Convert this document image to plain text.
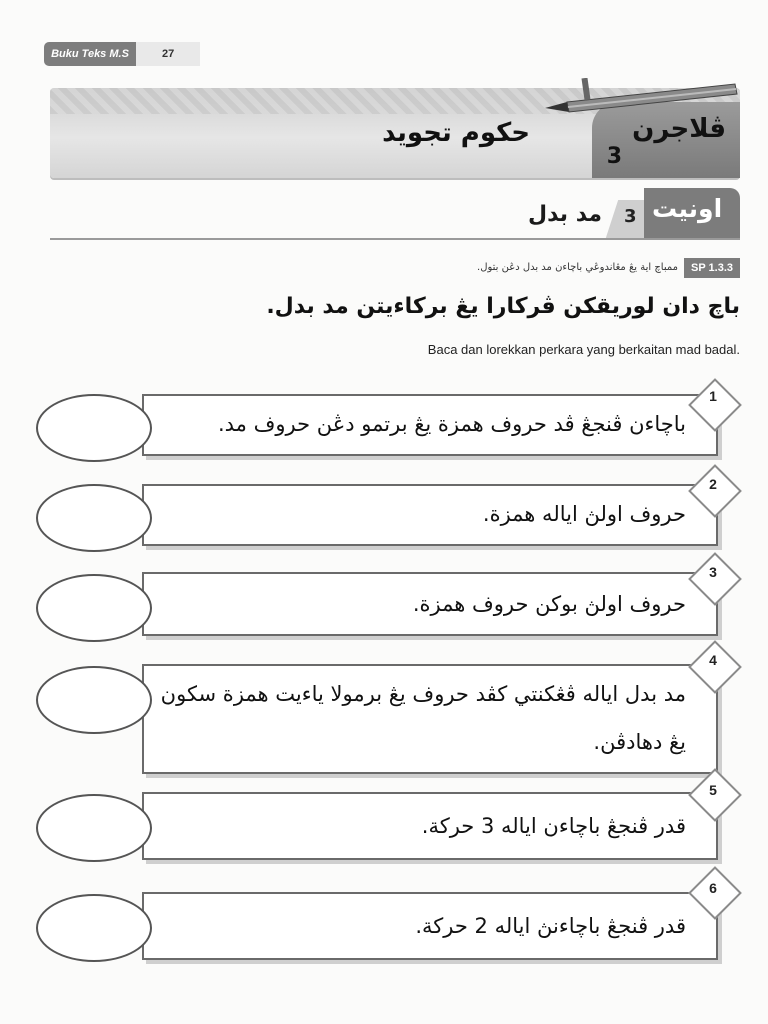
Buku Teks M.S	27
حکوم تجويد	ڤلاجرن
3
3 اونيت
مد بدل
SP 1.3.3
ممباچ اية يڠ مڠاندوڠي باچاءن مد بدل دڠن بتول.
باچ دان لوريقکن ڤرکارا يڠ برکاءيتن مد بدل.
Baca dan lorekkan perkara yang berkaitan mad badal.
باچاءن ڤنجڠ ڤد حروف همزة يڠ برتمو دڠن حروف مد.
1
حروف اولڽ اياله همزة.
2
حروف اولڽ بوکن حروف همزة.
3
مد بدل اياله ڤڠکنتي کڤد حروف يڠ برمولا ياءيت همزة سکون
يڠ دهادڤن.
4
قدر ڤنجڠ باچاءن اياله 3 حرکة.
5
قدر ڤنجڠ باچاءنڽ اياله 2 حرکة.
6
